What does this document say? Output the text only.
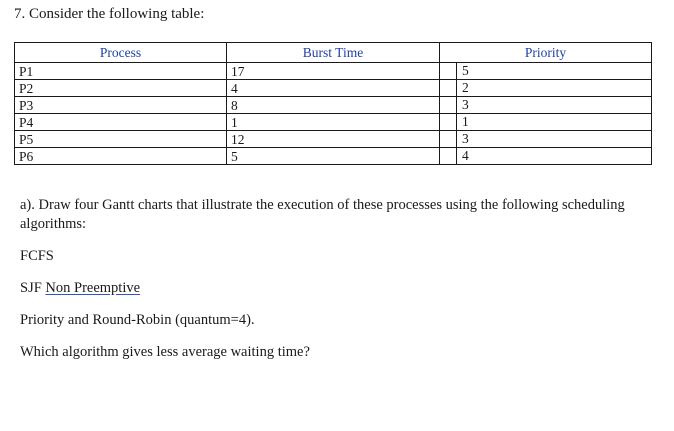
7. Consider the following table:

Process	Burst Time	Priority
P1	17	5

P2	4	2

P3	8	3

P4	1	1

P5	12	3

P6	5	4

a). Draw four Gantt charts that illustrate the execution of these processes using the following scheduling algorithms:

FCFS

SJF Non Preemptive

Priority and Round-Robin (quantum=4).

Which algorithm gives less average waiting time?
